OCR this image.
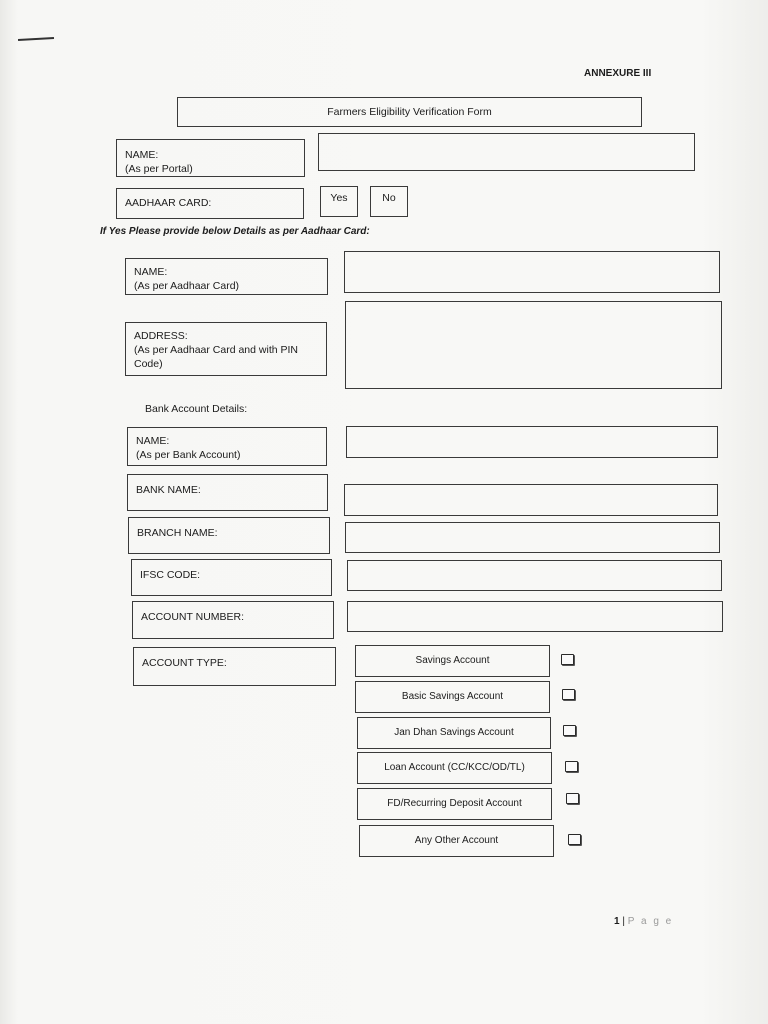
ANNEXURE III
Farmers Eligibility Verification Form
NAME:
(As per Portal)
AADHAAR CARD:	Yes	No
If Yes Please provide below Details as per Aadhaar Card:
NAME:
(As per Aadhaar Card)
ADDRESS:
(As per Aadhaar Card and with PIN Code)
Bank Account Details:
NAME:
(As per Bank Account)
BANK NAME:
BRANCH NAME:
IFSC CODE:
ACCOUNT NUMBER:
ACCOUNT TYPE:	Savings Account
Basic Savings Account
Jan Dhan Savings Account
Loan Account (CC/KCC/OD/TL)
FD/Recurring Deposit Account
Any Other Account
1 | P a g e
